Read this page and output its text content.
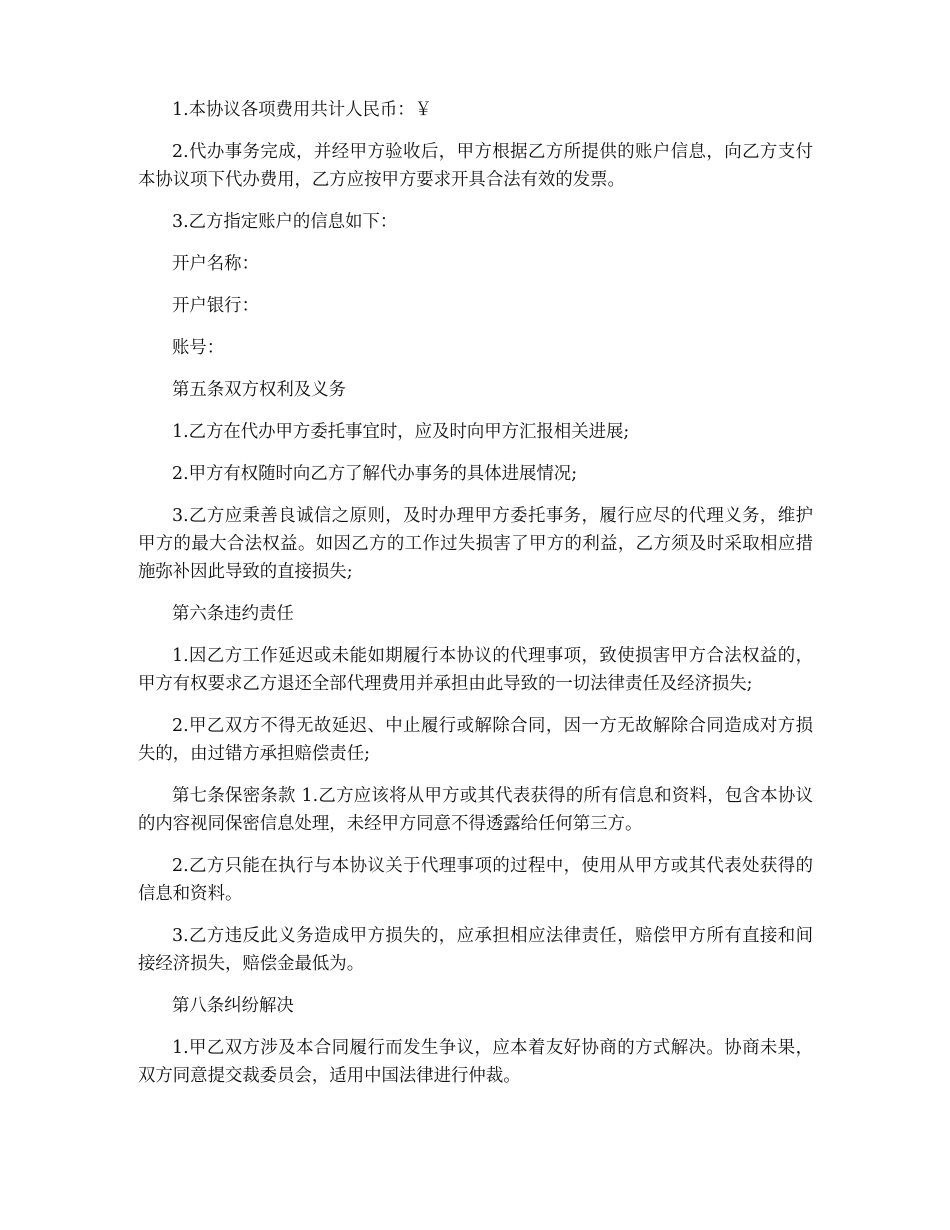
1.本协议各项费用共计人民币：￥

2.代办事务完成，并经甲方验收后，甲方根据乙方所提供的账户信息，向乙方支付本协议项下代办费用，乙方应按甲方要求开具合法有效的发票。

3.乙方指定账户的信息如下：

开户名称：

开户银行：

账号：

第五条双方权利及义务

1.乙方在代办甲方委托事宜时，应及时向甲方汇报相关进展;

2.甲方有权随时向乙方了解代办事务的具体进展情况;

3.乙方应秉善良诚信之原则，及时办理甲方委托事务，履行应尽的代理义务，维护甲方的最大合法权益。如因乙方的工作过失损害了甲方的利益，乙方须及时采取相应措施弥补因此导致的直接损失;

第六条违约责任

1.因乙方工作延迟或未能如期履行本协议的代理事项，致使损害甲方合法权益的，甲方有权要求乙方退还全部代理费用并承担由此导致的一切法律责任及经济损失;

2.甲乙双方不得无故延迟、中止履行或解除合同，因一方无故解除合同造成对方损失的，由过错方承担赔偿责任;

第七条保密条款 1.乙方应该将从甲方或其代表获得的所有信息和资料，包含本协议的内容视同保密信息处理，未经甲方同意不得透露给任何第三方。

2.乙方只能在执行与本协议关于代理事项的过程中，使用从甲方或其代表处获得的信息和资料。

3.乙方违反此义务造成甲方损失的，应承担相应法律责任，赔偿甲方所有直接和间接经济损失，赔偿金最低为。

第八条纠纷解决

1.甲乙双方涉及本合同履行而发生争议，应本着友好协商的方式解决。协商未果，双方同意提交裁委员会，适用中国法律进行仲裁。
